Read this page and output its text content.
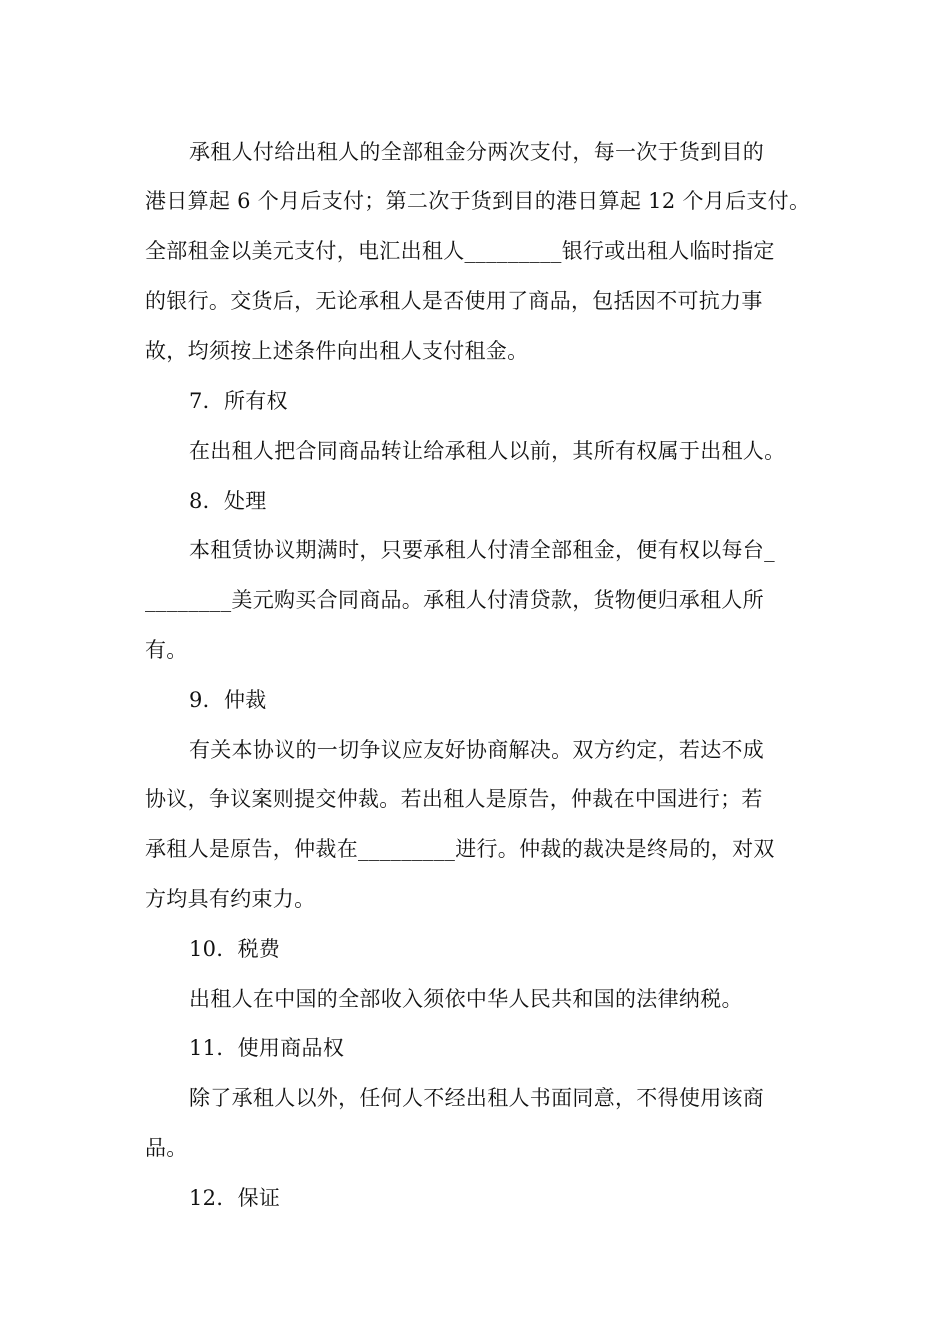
承租人付给出租人的全部租金分两次支付，每一次于货到目的
港日算起 6 个月后支付；第二次于货到目的港日算起 12 个月后支付。
全部租金以美元支付，电汇出租人_________银行或出租人临时指定
的银行。交货后，无论承租人是否使用了商品，包括因不可抗力事
故，均须按上述条件向出租人支付租金。
7．所有权
在出租人把合同商品转让给承租人以前，其所有权属于出租人。
8．处理
本租赁协议期满时，只要承租人付清全部租金，便有权以每台_
________美元购买合同商品。承租人付清贷款，货物便归承租人所
有。
9．仲裁
有关本协议的一切争议应友好协商解决。双方约定，若达不成
协议，争议案则提交仲裁。若出租人是原告，仲裁在中国进行；若
承租人是原告，仲裁在_________进行。仲裁的裁决是终局的，对双
方均具有约束力。
10．税费
出租人在中国的全部收入须依中华人民共和国的法律纳税。
11．使用商品权
除了承租人以外，任何人不经出租人书面同意，不得使用该商
品。
12．保证
